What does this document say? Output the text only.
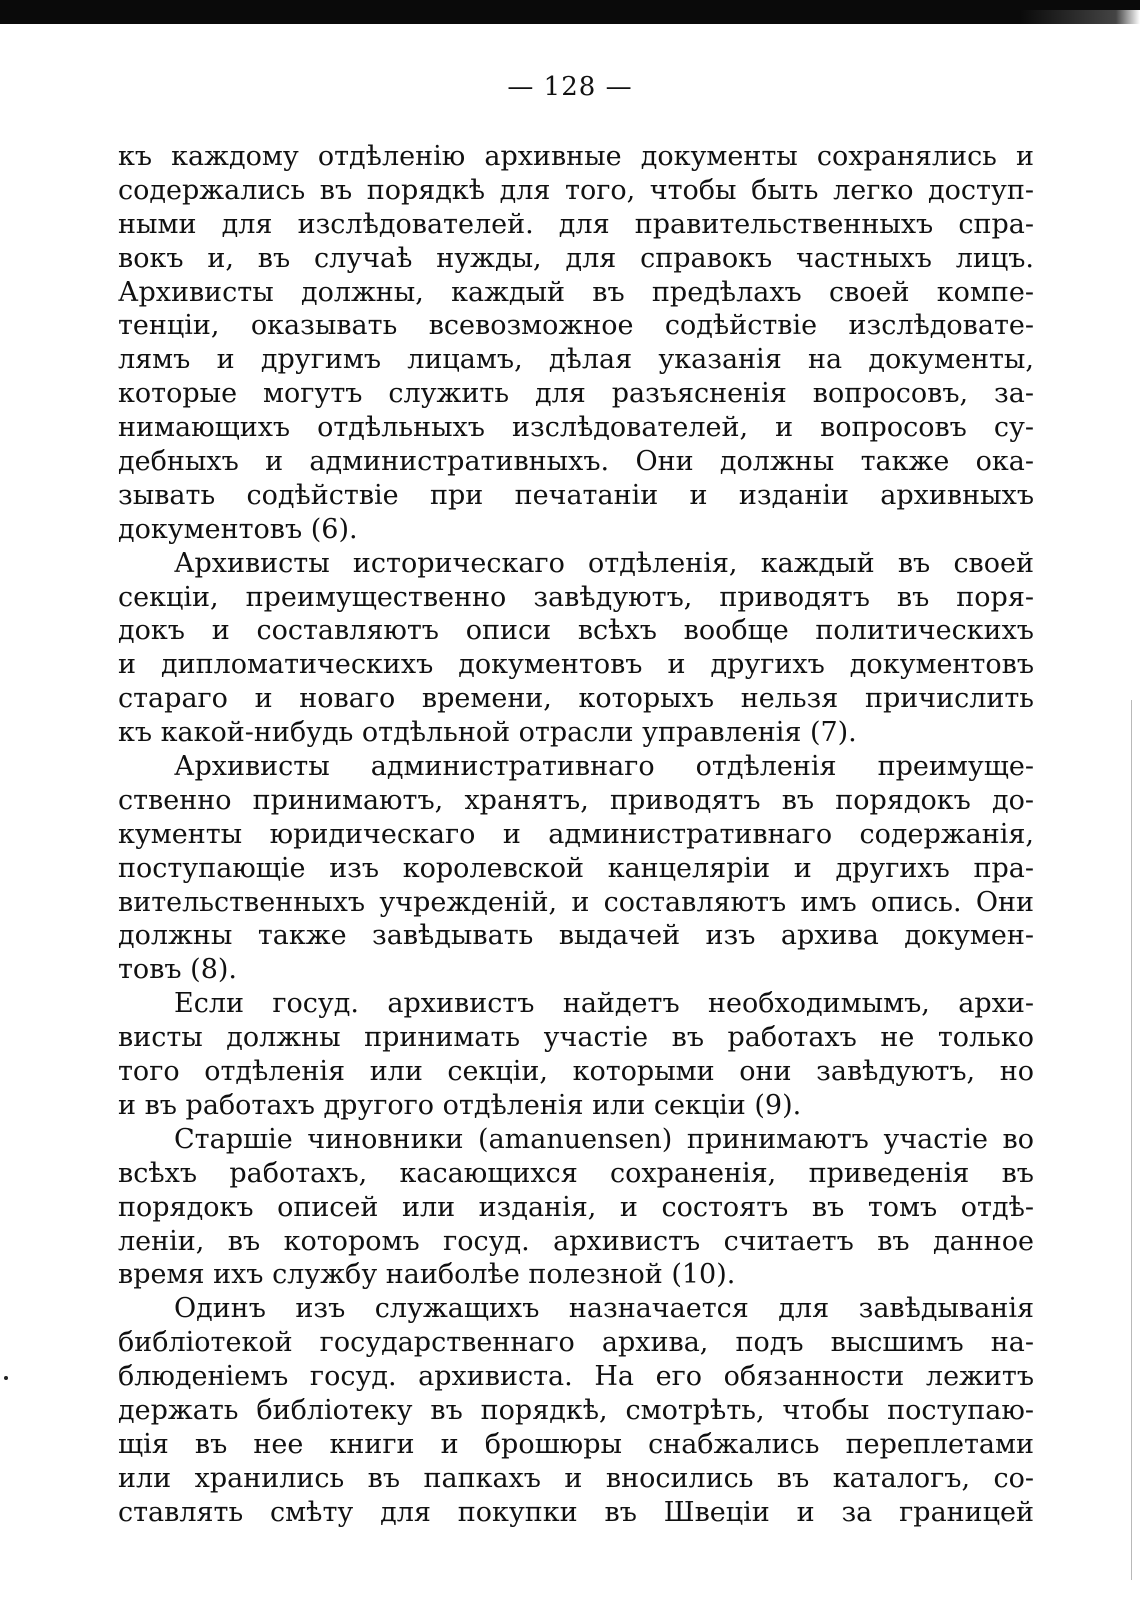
— 128 —
къ каждому отдѣленію архивные документы сохранялись и
содержались въ порядкѣ для того, чтобы быть легко доступ-
ными для изслѣдователей. для правительственныхъ спра-
вокъ и, въ случаѣ нужды, для справокъ частныхъ лицъ.
Архивисты должны, каждый въ предѣлахъ своей компе-
тенціи, оказывать всевозможное содѣйствіе изслѣдовате-
лямъ и другимъ лицамъ, дѣлая указанія на документы,
которые могутъ служить для разъясненія вопросовъ, за-
нимающихъ отдѣльныхъ изслѣдователей, и вопросовъ су-
дебныхъ и административныхъ. Они должны также ока-
зывать содѣйствіе при печатаніи и изданіи архивныхъ
документовъ (6).
Архивисты историческаго отдѣленія, каждый въ своей
секціи, преимущественно завѣдуютъ, приводятъ въ поря-
докъ и составляютъ описи всѣхъ вообще политическихъ
и дипломатическихъ документовъ и другихъ документовъ
стараго и новаго времени, которыхъ нельзя причислить
къ какой-нибудь отдѣльной отрасли управленія (7).
Архивисты административнаго отдѣленія преимуще-
ственно принимаютъ, хранятъ, приводятъ въ порядокъ до-
кументы юридическаго и административнаго содержанія,
поступающіе изъ королевской канцеляріи и другихъ пра-
вительственныхъ учрежденій, и составляютъ имъ опись. Они
должны также завѣдывать выдачей изъ архива докумен-
товъ (8).
Если госуд. архивистъ найдетъ необходимымъ, архи-
висты должны принимать участіе въ работахъ не только
того отдѣленія или секціи, которыми они завѣдуютъ, но
и въ работахъ другого отдѣленія или секціи (9).
Старшіе чиновники (amanuensen) принимаютъ участіе во
всѣхъ работахъ, касающихся сохраненія, приведенія въ
порядокъ описей или изданія, и состоятъ въ томъ отдѣ-
леніи, въ которомъ госуд. архивистъ считаетъ въ данное
время ихъ службу наиболѣе полезной (10).
Одинъ изъ служащихъ назначается для завѣдыванія
библіотекой государственнаго архива, подъ высшимъ на-
блюденіемъ госуд. архивиста. На его обязанности лежитъ
держать библіотеку въ порядкѣ, смотрѣть, чтобы поступаю-
щія въ нее книги и брошюры снабжались переплетами
или хранились въ папкахъ и вносились въ каталогъ, со-
ставлять смѣту для покупки въ Швеціи и за границей
